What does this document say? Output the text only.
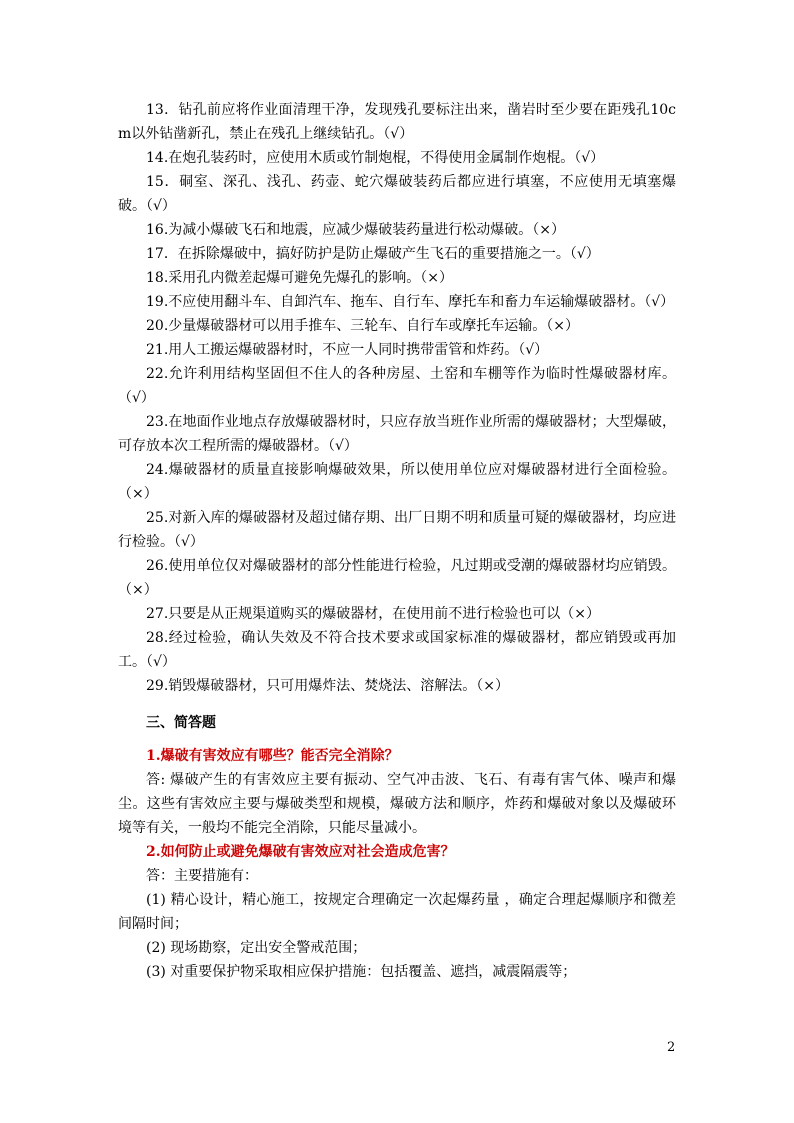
13．钻孔前应将作业面清理干净，发现残孔要标注出来，凿岩时至少要在距残孔10cm以外钻凿新孔，禁止在残孔上继续钻孔。（√）

14.在炮孔装药时，应使用木质或竹制炮棍，不得使用金属制作炮棍。（√）

15．硐室、深孔、浅孔、药壶、蛇穴爆破装药后都应进行填塞，不应使用无填塞爆破。（√）

16.为减小爆破飞石和地震，应减少爆破装药量进行松动爆破。（×）

17．在拆除爆破中，搞好防护是防止爆破产生飞石的重要措施之一。（√）

18.采用孔内微差起爆可避免先爆孔的影响。（×）

19.不应使用翻斗车、自卸汽车、拖车、自行车、摩托车和畜力车运输爆破器材。（√）

20.少量爆破器材可以用手推车、三轮车、自行车或摩托车运输。（×）

21.用人工搬运爆破器材时，不应一人同时携带雷管和炸药。（√）

22.允许利用结构坚固但不住人的各种房屋、土窑和车棚等作为临时性爆破器材库。（√）

23.在地面作业地点存放爆破器材时，只应存放当班作业所需的爆破器材；大型爆破，可存放本次工程所需的爆破器材。（√）

24.爆破器材的质量直接影响爆破效果，所以使用单位应对爆破器材进行全面检验。（×）

25.对新入库的爆破器材及超过储存期、出厂日期不明和质量可疑的爆破器材，均应进行检验。（√）

26.使用单位仅对爆破器材的部分性能进行检验，凡过期或受潮的爆破器材均应销毁。（×）

27.只要是从正规渠道购买的爆破器材，在使用前不进行检验也可以（×）

28.经过检验，确认失效及不符合技术要求或国家标准的爆破器材，都应销毁或再加工。（√）

29.销毁爆破器材，只可用爆炸法、焚烧法、溶解法。（×）

三、简答题

1.爆破有害效应有哪些？能否完全消除？

答: 爆破产生的有害效应主要有振动、空气冲击波、飞石、有毒有害气体、噪声和爆尘。这些有害效应主要与爆破类型和规模，爆破方法和顺序，炸药和爆破对象以及爆破环境等有关，一般均不能完全消除，只能尽量减小。

2.如何防止或避免爆破有害效应对社会造成危害？

答：主要措施有：

(1) 精心设计，精心施工，按规定合理确定一次起爆药量 ，确定合理起爆顺序和微差间隔时间；

(2) 现场勘察，定出安全警戒范围；

(3) 对重要保护物采取相应保护措施：包括覆盖、遮挡，减震隔震等；

2
